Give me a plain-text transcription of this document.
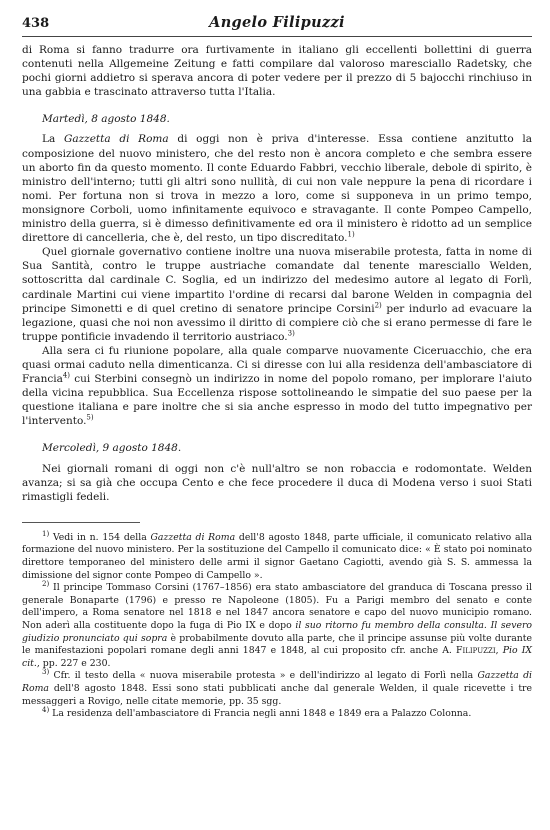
438	Angelo Filipuzzi

di Roma si fanno tradurre ora furtivamente in italiano gli eccellenti bollettini di guerra contenuti nella Allgemeine Zeitung e fatti compilare dal valoroso maresciallo Radetsky, che pochi giorni addietro si sperava ancora di poter vedere per il prezzo di 5 bajocchi rinchiuso in una gabbia e trascinato attraverso tutta l'Italia.

Martedì, 8 agosto 1848.

La Gazzetta di Roma di oggi non è priva d'interesse. Essa contiene anzitutto la composizione del nuovo ministero, che del resto non è ancora completo e che sembra essere un aborto fin da questo momento. Il conte Eduardo Fabbri, vecchio liberale, debole di spirito, è ministro dell'interno; tutti gli altri sono nullità, di cui non vale neppure la pena di ricordare i nomi. Per fortuna non si trova in mezzo a loro, come si supponeva in un primo tempo, monsignore Corboli, uomo infinitamente equivoco e stravagante. Il conte Pompeo Campello, ministro della guerra, si è dimesso definitivamente ed ora il ministero è ridotto ad un semplice direttore di cancelleria, che è, del resto, un tipo discreditato.$^{1)}$

Quel giornale governativo contiene inoltre una nuova miserabile protesta, fatta in nome di Sua Santità, contro le truppe austriache comandate dal tenente maresciallo Welden, sottoscritta dal cardinale C. Soglia, ed un indirizzo del medesimo autore al legato di Forlì, cardinale Martini cui viene impartito l'ordine di recarsi dal barone Welden in compagnia del principe Simonetti e di quel cretino di senatore principe Corsini$^{2)}$ per indurlo ad evacuare la legazione, quasi che noi non avessimo il diritto di compiere ciò che si erano permesse di fare le truppe pontificie invadendo il territorio austriaco.$^{3)}$

Alla sera ci fu riunione popolare, alla quale comparve nuovamente Ciceruacchio, che era quasi ormai caduto nella dimenticanza. Ci si diresse con lui alla residenza dell'ambasciatore di Francia$^{4)}$ cui Sterbini consegnò un indirizzo in nome del popolo romano, per implorare l'aiuto della vicina repubblica. Sua Eccellenza rispose sottolineando le simpatie del suo paese per la questione italiana e pare inoltre che si sia anche espresso in modo del tutto impegnativo per l'intervento.$^{5)}$

Mercoledì, 9 agosto 1848.

Nei giornali romani di oggi non c'è null'altro se non robaccia e rodomontate. Welden avanza; si sa già che occupa Cento e che fece procedere il duca di Modena verso i suoi Stati rimastigli fedeli.

$^{1)}$ Vedi in n. 154 della Gazzetta di Roma dell'8 agosto 1848, parte ufficiale, il comunicato relativo alla formazione del nuovo ministero. Per la sostituzione del Campello il comunicato dice: « È stato poi nominato direttore temporaneo del ministero delle armi il signor Gaetano Cagiotti, avendo già S. S. ammessa la dimissione del signor conte Pompeo di Campello ».

$^{2)}$ Il principe Tommaso Corsini (1767–1856) era stato ambasciatore del granduca di Toscana presso il generale Bonaparte (1796) e presso re Napoleone (1805). Fu a Parigi membro del senato e conte dell'impero, a Roma senatore nel 1818 e nel 1847 ancora senatore e capo del nuovo municipio romano. Non aderì alla costituente dopo la fuga di Pio IX e dopo il suo ritorno fu membro della consulta. Il severo giudizio pronunciato qui sopra è probabilmente dovuto alla parte, che il principe assunse più volte durante le manifestazioni popolari romane degli anni 1847 e 1848, al cui proposito cfr. anche A. Filipuzzi, Pio IX cit., pp. 227 e 230.

$^{3)}$ Cfr. il testo della « nuova miserabile protesta » e dell'indirizzo al legato di Forlì nella Gazzetta di Roma dell'8 agosto 1848. Essi sono stati pubblicati anche dal generale Welden, il quale ricevette i tre messaggeri a Rovigo, nelle citate memorie, pp. 35 sgg.

$^{4)}$ La residenza dell'ambasciatore di Francia negli anni 1848 e 1849 era a Palazzo Colonna.
